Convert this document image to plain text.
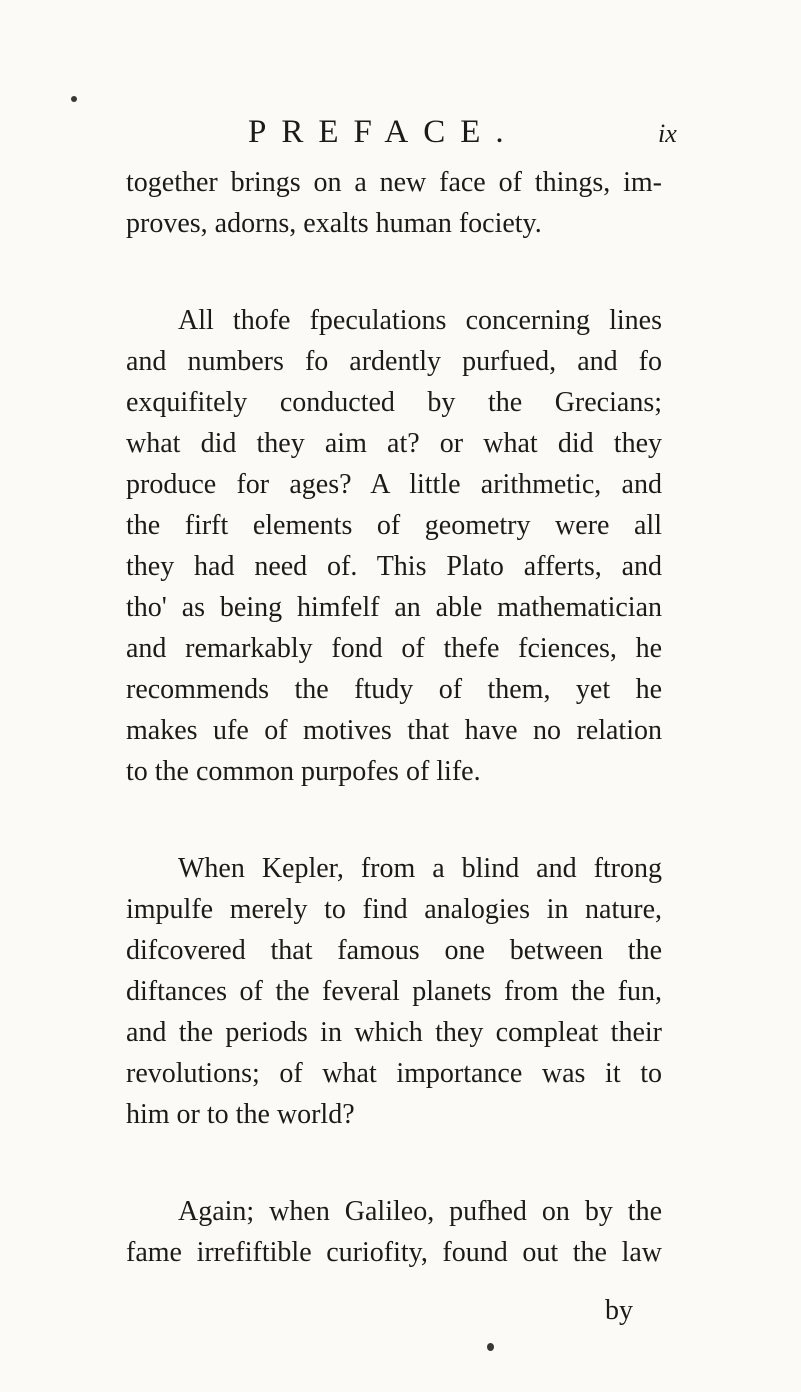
PREFACE.	ix
together brings on a new face of things, im-
proves, adorns, exalts human fociety.
All thofe fpeculations concerning lines
and numbers fo ardently purfued, and fo
exquifitely conducted by the Grecians;
what did they aim at? or what did they
produce for ages? A little arithmetic, and
the firft elements of geometry were all
they had need of. This Plato afferts, and
tho' as being himfelf an able mathematician
and remarkably fond of thefe fciences, he
recommends the ftudy of them, yet he
makes ufe of motives that have no relation
to the common purpofes of life.
When Kepler, from a blind and ftrong
impulfe merely to find analogies in nature,
difcovered that famous one between the
diftances of the feveral planets from the fun,
and the periods in which they compleat their
revolutions; of what importance was it to
him or to the world?
Again; when Galileo, pufhed on by the
fame irrefiftible curiofity, found out the law
by
